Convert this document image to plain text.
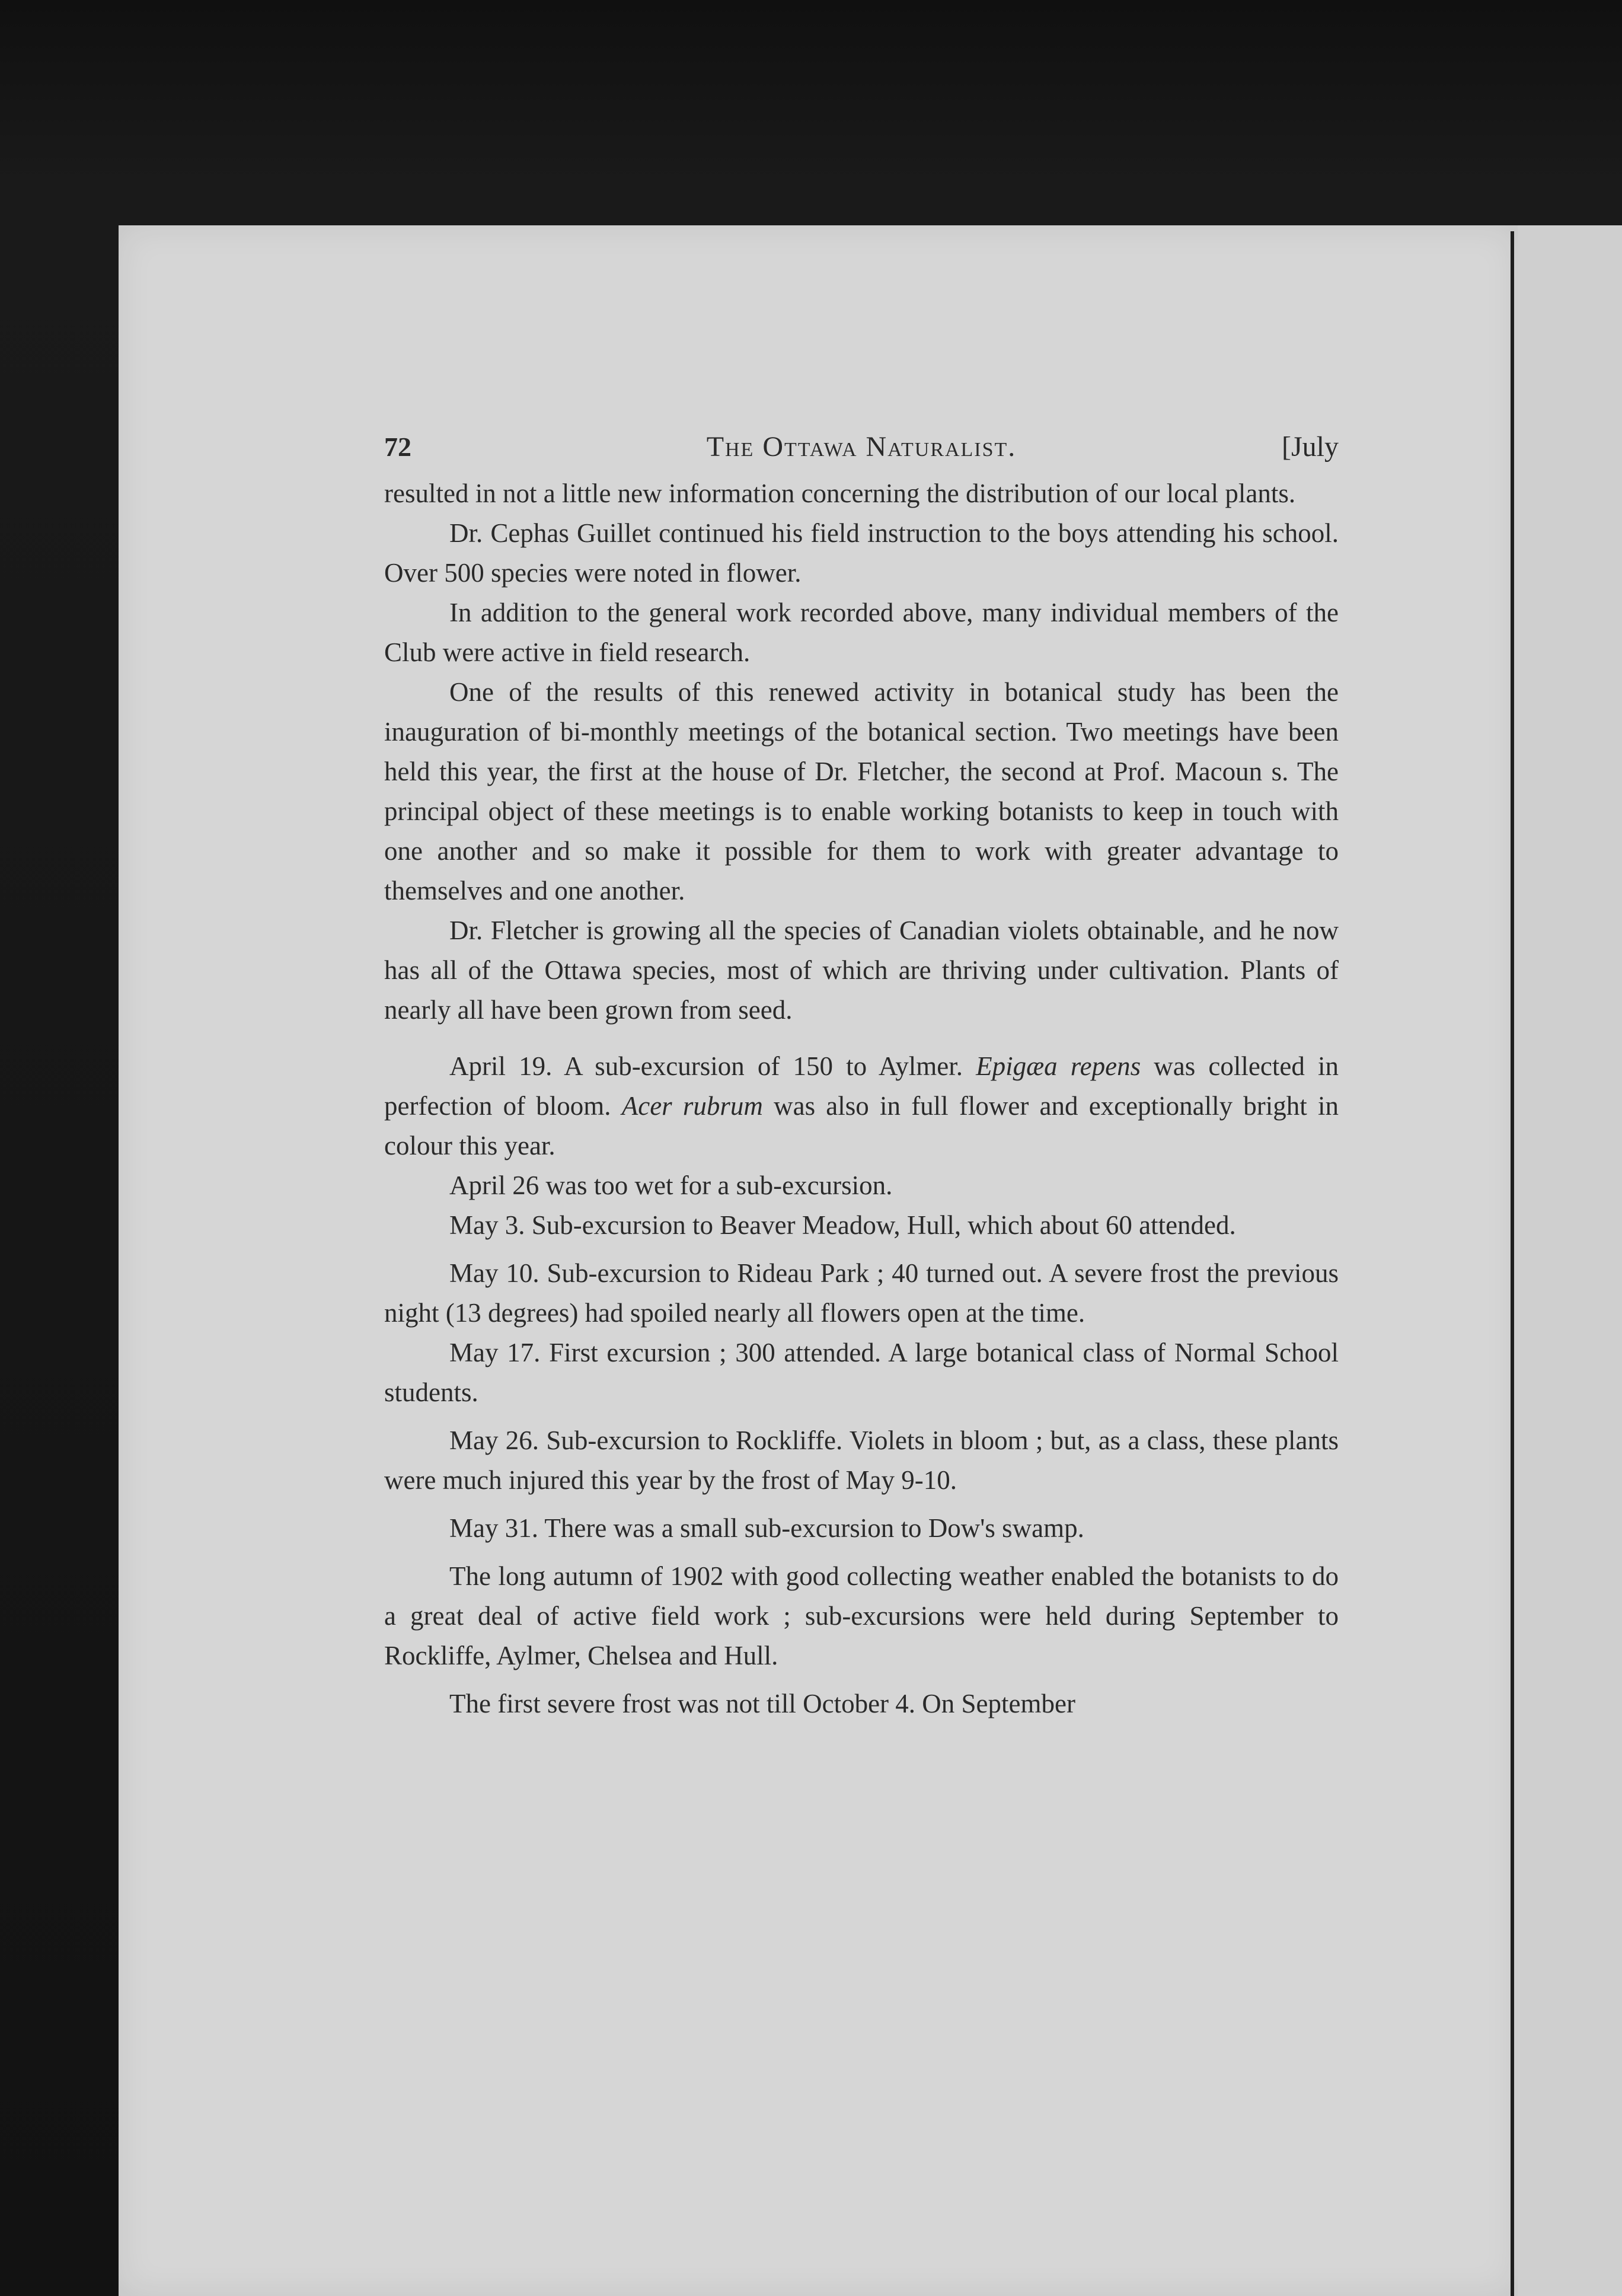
72	The Ottawa Naturalist.	[July

resulted in not a little new information concerning the distribution of our local plants.

Dr. Cephas Guillet continued his field instruction to the boys attending his school. Over 500 species were noted in flower.

In addition to the general work recorded above, many individual members of the Club were active in field research.

One of the results of this renewed activity in botanical study has been the inauguration of bi-monthly meetings of the botanical section. Two meetings have been held this year, the first at the house of Dr. Fletcher, the second at Prof. Macoun s. The principal object of these meetings is to enable working botanists to keep in touch with one another and so make it possible for them to work with greater advantage to themselves and one another.

Dr. Fletcher is growing all the species of Canadian violets obtainable, and he now has all of the Ottawa species, most of which are thriving under cultivation. Plants of nearly all have been grown from seed.

April 19. A sub-excursion of 150 to Aylmer. Epigæa repens was collected in perfection of bloom. Acer rubrum was also in full flower and exceptionally bright in colour this year.

April 26 was too wet for a sub-excursion.

May 3. Sub-excursion to Beaver Meadow, Hull, which about 60 attended.

May 10. Sub-excursion to Rideau Park ; 40 turned out. A severe frost the previous night (13 degrees) had spoiled nearly all flowers open at the time.

May 17. First excursion ; 300 attended. A large botanical class of Normal School students.

May 26. Sub-excursion to Rockliffe. Violets in bloom ; but, as a class, these plants were much injured this year by the frost of May 9-10.

May 31. There was a small sub-excursion to Dow's swamp.

The long autumn of 1902 with good collecting weather enabled the botanists to do a great deal of active field work ; sub-excursions were held during September to Rockliffe, Aylmer, Chelsea and Hull.

The first severe frost was not till October 4. On September
